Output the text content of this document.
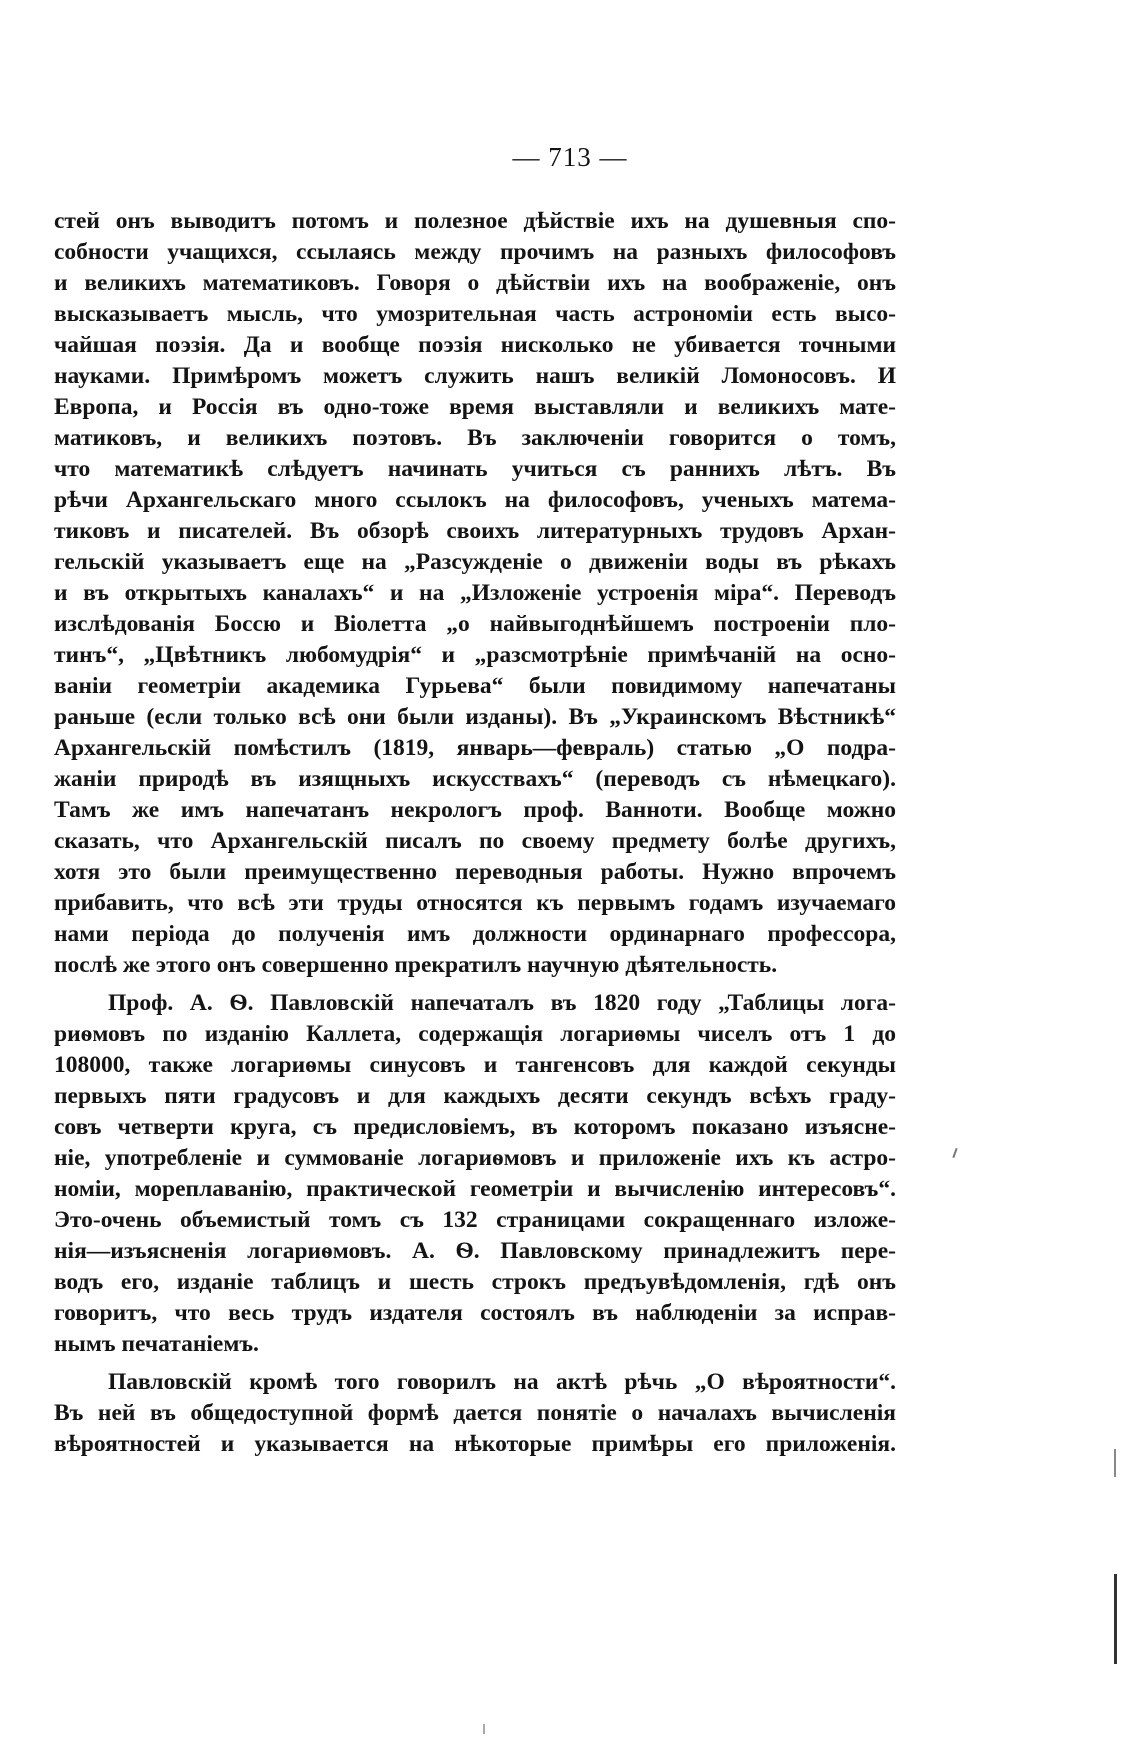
— 713 —
стей онъ выводитъ потомъ и полезное дѣйствіе ихъ на душевныя спо-
собности учащихся, ссылаясь между прочимъ на разныхъ философовъ
и великихъ математиковъ. Говоря о дѣйствіи ихъ на воображеніе, онъ
высказываетъ мысль, что умозрительная часть астрономіи есть высо-
чайшая поэзія. Да и вообще поэзія нисколько не убивается точными
науками. Примѣромъ можетъ служить нашъ великій Ломоносовъ. И
Европа, и Россія въ одно-тоже время выставляли и великихъ мате-
матиковъ, и великихъ поэтовъ. Въ заключеніи говорится о томъ,
что математикѣ слѣдуетъ начинать учиться съ раннихъ лѣтъ. Въ
рѣчи Архангельскаго много ссылокъ на философовъ, ученыхъ матема-
тиковъ и писателей. Въ обзорѣ своихъ литературныхъ трудовъ Архан-
гельскій указываетъ еще на „Разсужденіе о движеніи воды въ рѣкахъ
и въ открытыхъ каналахъ“ и на „Изложеніе устроенія міра“. Переводъ
изслѣдованія Боссю и Віолетта „о найвыгоднѣйшемъ построеніи пло-
тинъ“, „Цвѣтникъ любомудрія“ и „разсмотрѣніе примѣчаній на осно-
ваніи геометріи академика Гурьева“ были повидимому напечатаны
раньше (если только всѣ они были изданы). Въ „Украинскомъ Вѣстникѣ“
Архангельскій помѣстилъ (1819, январь—февраль) статью „О подра-
жаніи природѣ въ изящныхъ искусствахъ“ (переводъ съ нѣмецкаго).
Тамъ же имъ напечатанъ некрологъ проф. Ваннoти. Вообще можно
сказать, что Архангельскій писалъ по своему предмету болѣе другихъ,
хотя это были преимущественно переводныя работы. Нужно впрочемъ
прибавить, что всѣ эти труды относятся къ первымъ годамъ изучаемаго
нами періода до полученія имъ должности ординарнаго профессора,
послѣ же этого онъ совершенно прекратилъ научную дѣятельность.
Проф. А. Ѳ. Павловскій напечаталъ въ 1820 году „Таблицы лога-
риѳмовъ по изданію Каллета, содержащія логариѳмы чиселъ отъ 1 до
108000, также логариѳмы синусовъ и тангенсовъ для каждой секунды
первыхъ пяти градусовъ и для каждыхъ десяти секундъ всѣхъ граду-
совъ четверти круга, съ предисловіемъ, въ которомъ показано изъясне-
ніе, употребленіе и суммованіе логариѳмовъ и приложеніе ихъ къ астро-
номіи, мореплаванію, практической геометріи и вычисленію интересовъ“.
Это-очень объемистый томъ съ 132 страницами сокращеннаго изложе-
нія—изъясненія логариѳмовъ. А. Ѳ. Павловскому принадлежитъ пере-
водъ его, изданіе таблицъ и шесть строкъ предъувѣдомленія, гдѣ онъ
говоритъ, что весь трудъ издателя состоялъ въ наблюденіи за исправ-
нымъ печатаніемъ.
Павловскій кромѣ того говорилъ на актѣ рѣчь „О вѣроятности“.
Въ ней въ общедоступной формѣ дается понятіе о началахъ вычисленія
вѣроятностей и указывается на нѣкоторые примѣры его приложенія.
